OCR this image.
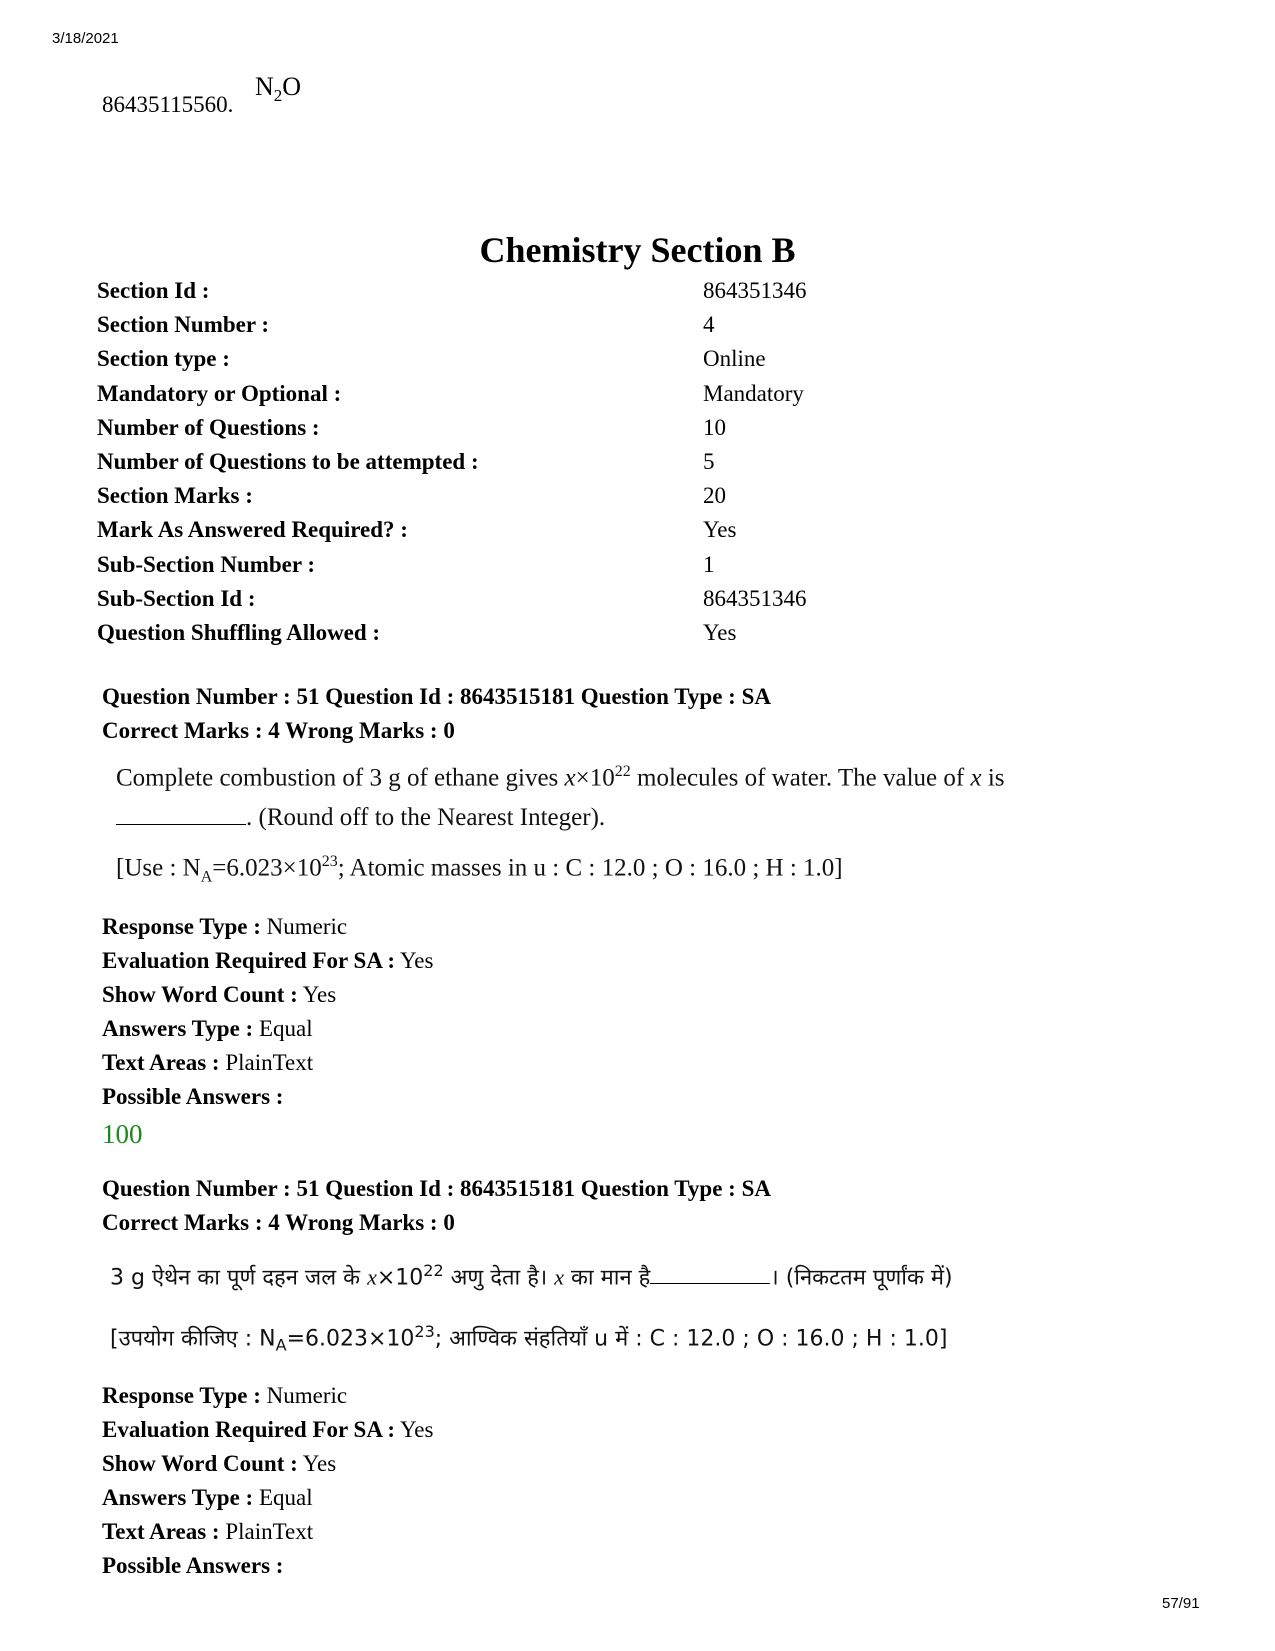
3/18/2021
86435115560.
$N_2O$
Chemistry Section B
Section Id :	864351346
Section Number :	4
Section type :	Online
Mandatory or Optional :	Mandatory
Number of Questions :	10
Number of Questions to be attempted :	5
Section Marks :	20
Mark As Answered Required? :	Yes
Sub-Section Number :	1
Sub-Section Id :	864351346
Question Shuffling Allowed :	Yes
Question Number : 51 Question Id : 8643515181 Question Type : SA
Correct Marks : 4 Wrong Marks : 0
Complete combustion of 3 g of ethane gives $x\times 10^{22}$ molecules of water. The value of x is
. (Round off to the Nearest Integer).
[Use : $N_A=6.023\times 10^{23}$; Atomic masses in u : C : 12.0 ; O : 16.0 ; H : 1.0]
Response Type : Numeric
Evaluation Required For SA : Yes
Show Word Count : Yes
Answers Type : Equal
Text Areas : PlainText
Possible Answers :
100
Question Number : 51 Question Id : 8643515181 Question Type : SA
Correct Marks : 4 Wrong Marks : 0
3 g ऐथेन का पूर्ण दहन जल के $x\times 10^{22}$ अणु देता है। x का मान है	। (निकटतम पूर्णांक में)
[उपयोग कीजिए : $N_A=6.023\times 10^{23}$; आण्विक संहतियाँ u में : C : 12.0 ; O : 16.0 ; H : 1.0]
Response Type : Numeric
Evaluation Required For SA : Yes
Show Word Count : Yes
Answers Type : Equal
Text Areas : PlainText
Possible Answers :
57/91
